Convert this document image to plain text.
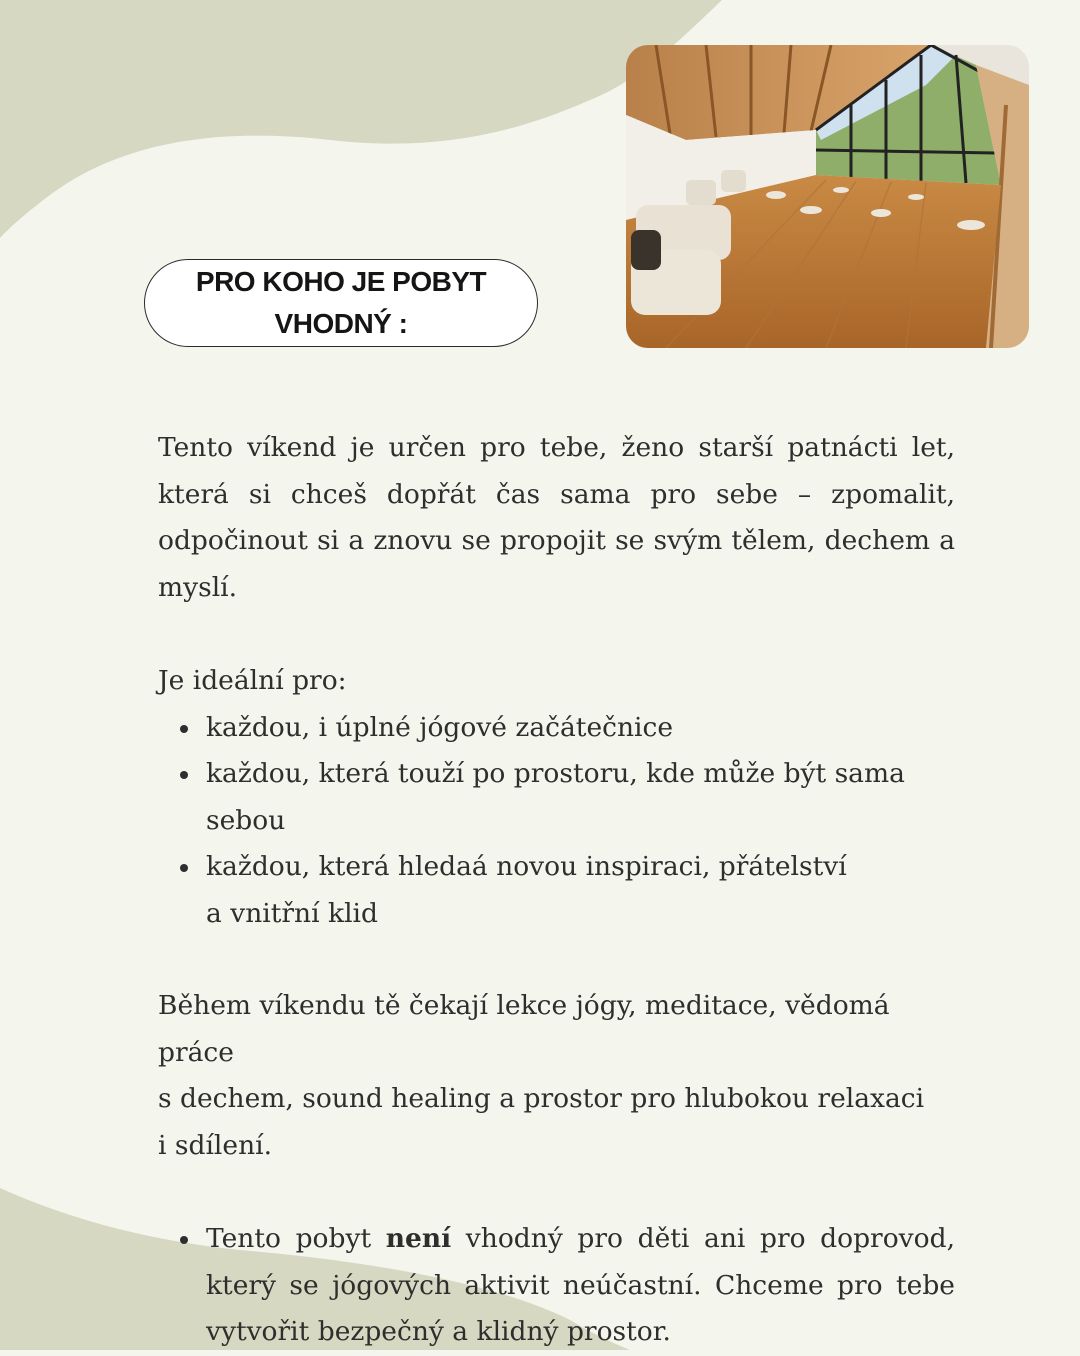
PRO KOHO JE POBYT VHODNÝ :

Tento víkend je určen pro tebe, ženo starší patnácti let, která si chceš dopřát čas sama pro sebe – zpomalit, odpočinout si a znovu se propojit se svým tělem, dechem a myslí.

Je ideální pro:

každou, i úplné jógové začátečnice
každou, která touží po prostoru, kde může být sama sebou
každou, která hledaá novou inspiraci, přátelství

a vnitřní klid

Během víkendu tě čekají lekce jógy, meditace, vědomá práce

s dechem, sound healing a prostor pro hlubokou relaxaci

i sdílení.

Tento pobyt není vhodný pro děti ani pro doprovod, který se jógových aktivit neúčastní. Chceme pro tebe vytvořit bezpečný a klidný prostor.
